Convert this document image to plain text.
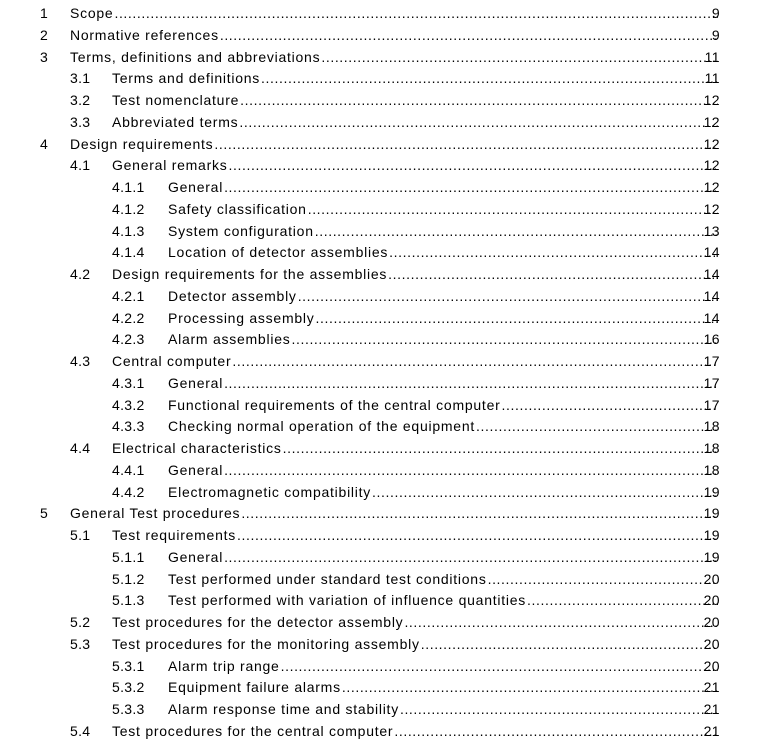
1 Scope .....	9
2 Normative references .....	9
3 Terms, definitions and abbreviations .....	11
3.1 Terms and definitions .....	11
3.2 Test nomenclature .....	12
3.3 Abbreviated terms .....	12
4 Design requirements .....	12
4.1 General remarks .....	12
4.1.1 General .....	12
4.1.2 Safety classification .....	12
4.1.3 System configuration .....	13
4.1.4 Location of detector assemblies .....	14
4.2 Design requirements for the assemblies .....	14
4.2.1 Detector assembly .....	14
4.2.2 Processing assembly .....	14
4.2.3 Alarm assemblies .....	16
4.3 Central computer .....	17
4.3.1 General .....	17
4.3.2 Functional requirements of the central computer .....	17
4.3.3 Checking normal operation of the equipment .....	18
4.4 Electrical characteristics .....	18
4.4.1 General .....	18
4.4.2 Electromagnetic compatibility .....	19
5 General Test procedures .....	19
5.1 Test requirements .....	19
5.1.1 General .....	19
5.1.2 Test performed under standard test conditions .....	20
5.1.3 Test performed with variation of influence quantities .....	20
5.2 Test procedures for the detector assembly .....	20
5.3 Test procedures for the monitoring assembly .....	20
5.3.1 Alarm trip range .....	20
5.3.2 Equipment failure alarms .....	21
5.3.3 Alarm response time and stability .....	21
5.4 Test procedures for the central computer .....	21
